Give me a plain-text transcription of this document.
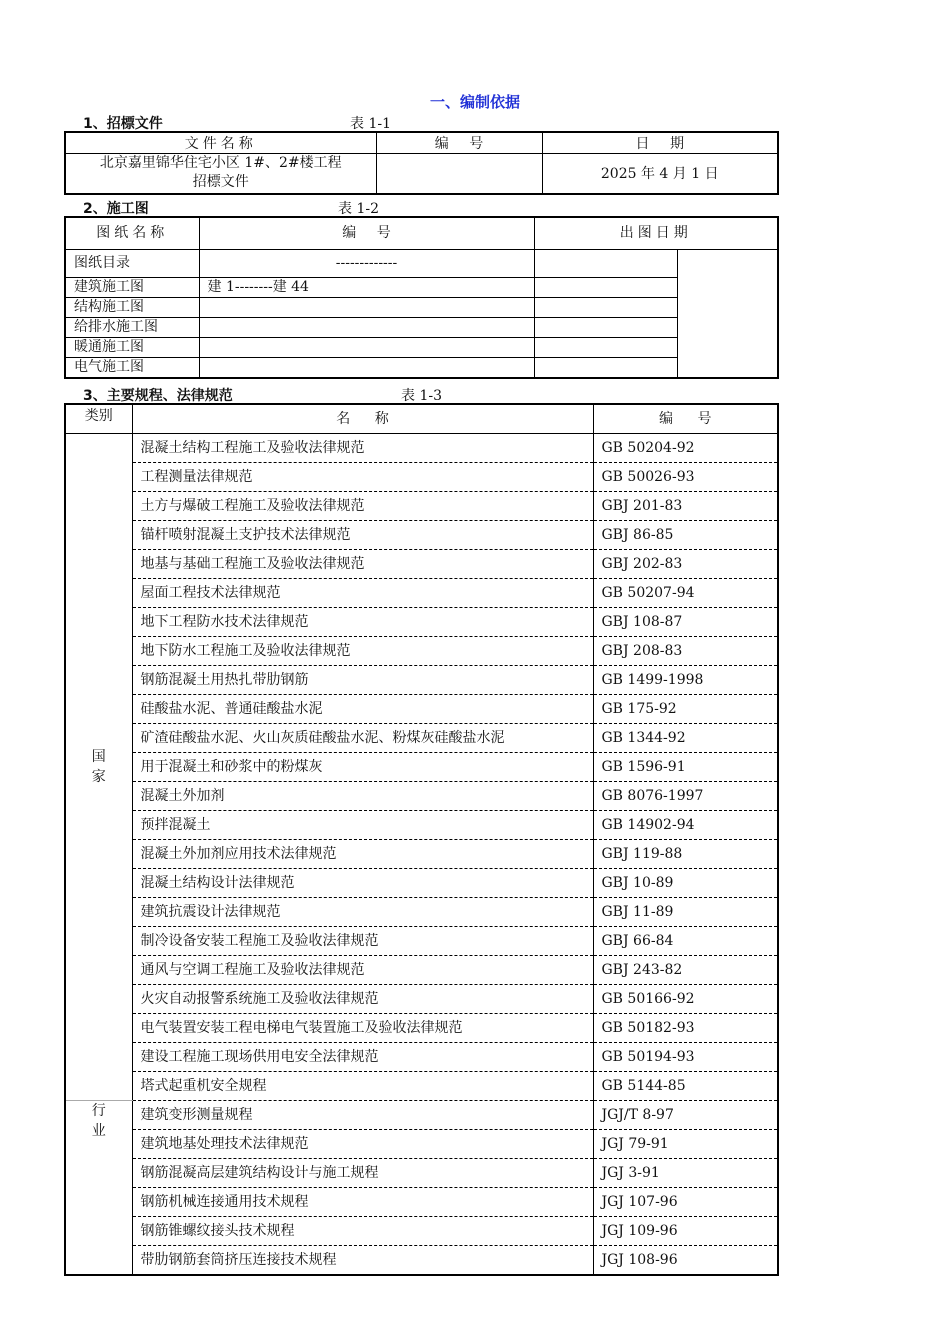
一、编制依据
1、招標文件	表 1-1
文件名称	编 号	日 期

北京嘉里锦华住宅小区 1#、2#楼工程
招標文件		2025 年 4 月 1 日
2、施工图	表 1-2
图纸名称	编 号	出图日期	
图纸目录	-------------		
建筑施工图	建 1--------建 44		
结构施工图			
给排水施工图			
暖通施工图			
电气施工图			
3、主要规程、法律规范	表 1-3
类别	名 称	编 号

国
家	混凝土结构工程施工及验收法律规范	GB 50204-92
	工程测量法律规范	GB 50026-93
	土方与爆破工程施工及验收法律规范	GBJ 201-83
	锚杆喷射混凝土支护技术法律规范	GBJ 86-85
	地基与基础工程施工及验收法律规范	GBJ 202-83
	屋面工程技术法律规范	GB 50207-94
	地下工程防水技术法律规范	GBJ 108-87
	地下防水工程施工及验收法律规范	GBJ 208-83
	钢筋混凝土用热扎带肋钢筋	GB 1499-1998
	硅酸盐水泥、普通硅酸盐水泥	GB 175-92
	矿渣硅酸盐水泥、火山灰质硅酸盐水泥、粉煤灰硅酸盐水泥	GB 1344-92
	用于混凝土和砂浆中的粉煤灰	GB 1596-91
	混凝土外加剂	GB 8076-1997
	预拌混凝土	GB 14902-94
	混凝土外加剂应用技术法律规范	GBJ 119-88
	混凝土结构设计法律规范	GBJ 10-89
	建筑抗震设计法律规范	GBJ 11-89
	制冷设备安装工程施工及验收法律规范	GBJ 66-84
	通风与空调工程施工及验收法律规范	GBJ 243-82
	火灾自动报警系统施工及验收法律规范	GB 50166-92
	电气装置安装工程电梯电气装置施工及验收法律规范	GB 50182-93
	建设工程施工现场供用电安全法律规范	GB 50194-93
	塔式起重机安全规程	GB 5144-85

行
业	建筑变形测量规程	JGJ/T 8-97
	建筑地基处理技术法律规范	JGJ 79-91
	钢筋混凝高层建筑结构设计与施工规程	JGJ 3-91
	钢筋机械连接通用技术规程	JGJ 107-96
	钢筋锥螺纹接头技术规程	JGJ 109-96
	带肋钢筋套筒挤压连接技术规程	JGJ 108-96
